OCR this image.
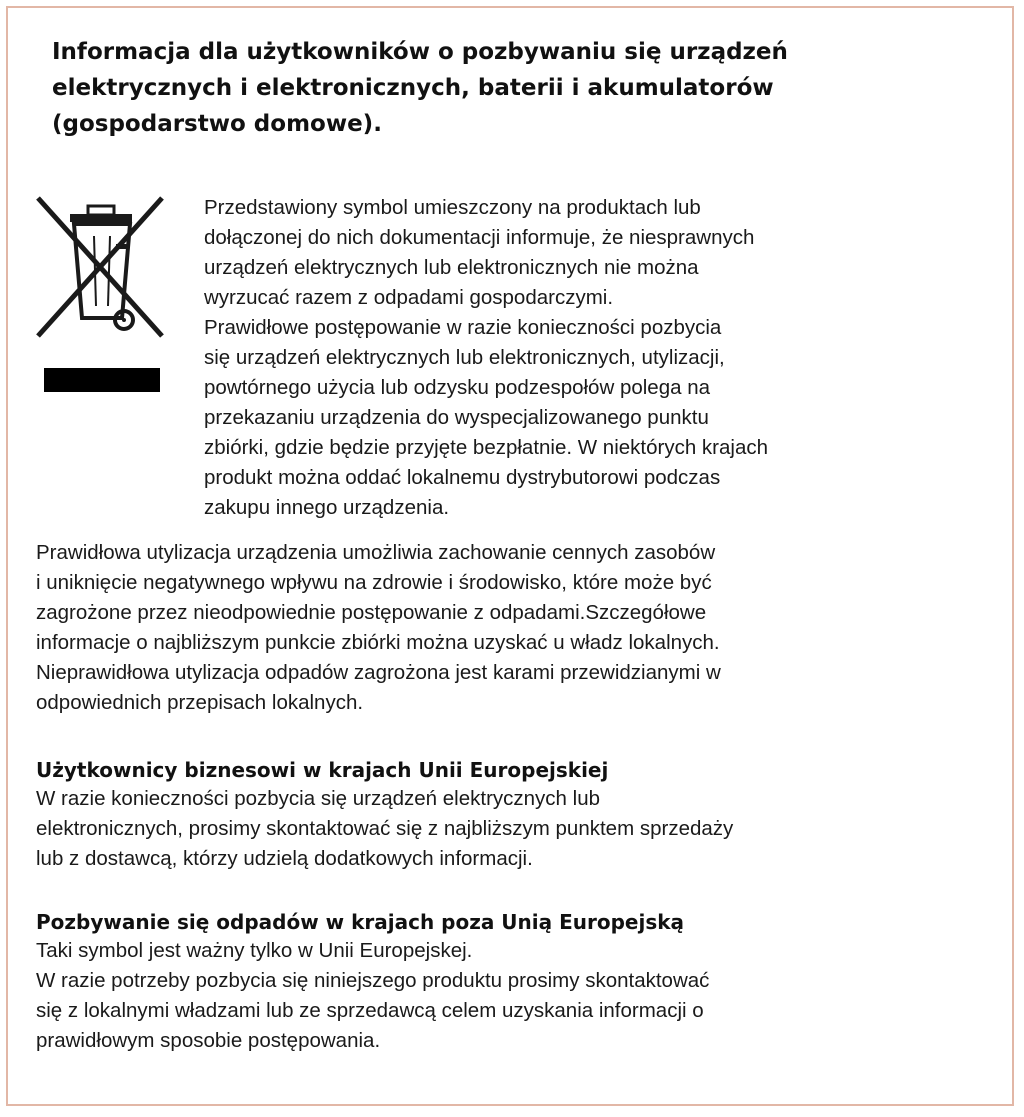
Informacja dla użytkowników o pozbywaniu się urządzeń elektrycznych i elektronicznych, baterii i akumulatorów (gospodarstwo domowe).

Przedstawiony symbol umieszczony na produktach lub
dołączonej do nich dokumentacji informuje, że niesprawnych
urządzeń elektrycznych lub elektronicznych nie można
wyrzucać razem z odpadami gospodarczymi.
Prawidłowe postępowanie w razie konieczności pozbycia
się urządzeń elektrycznych lub elektronicznych, utylizacji,
powtórnego użycia lub odzysku podzespołów polega na
przekazaniu urządzenia do wyspecjalizowanego punktu
zbiórki, gdzie będzie przyjęte bezpłatnie. W niektórych krajach
produkt można oddać lokalnemu dystrybutorowi podczas
zakupu innego urządzenia.

Prawidłowa utylizacja urządzenia umożliwia zachowanie cennych zasobów
i uniknięcie negatywnego wpływu na zdrowie i środowisko, które może być
zagrożone przez nieodpowiednie postępowanie z odpadami.Szczegółowe
informacje o najbliższym punkcie zbiórki można uzyskać u władz lokalnych.
Nieprawidłowa utylizacja odpadów zagrożona jest karami przewidzianymi w
odpowiednich przepisach lokalnych.

Użytkownicy biznesowi w krajach Unii Europejskiej

W razie konieczności pozbycia się urządzeń elektrycznych lub
elektronicznych, prosimy skontaktować się z najbliższym punktem sprzedaży
lub z dostawcą, którzy udzielą dodatkowych informacji.

Pozbywanie się odpadów w krajach poza Unią Europejską

Taki symbol jest ważny tylko w Unii Europejskej.
W razie potrzeby pozbycia się niniejszego produktu prosimy skontaktować
się z lokalnymi władzami lub ze sprzedawcą celem uzyskania informacji o
prawidłowym sposobie postępowania.
